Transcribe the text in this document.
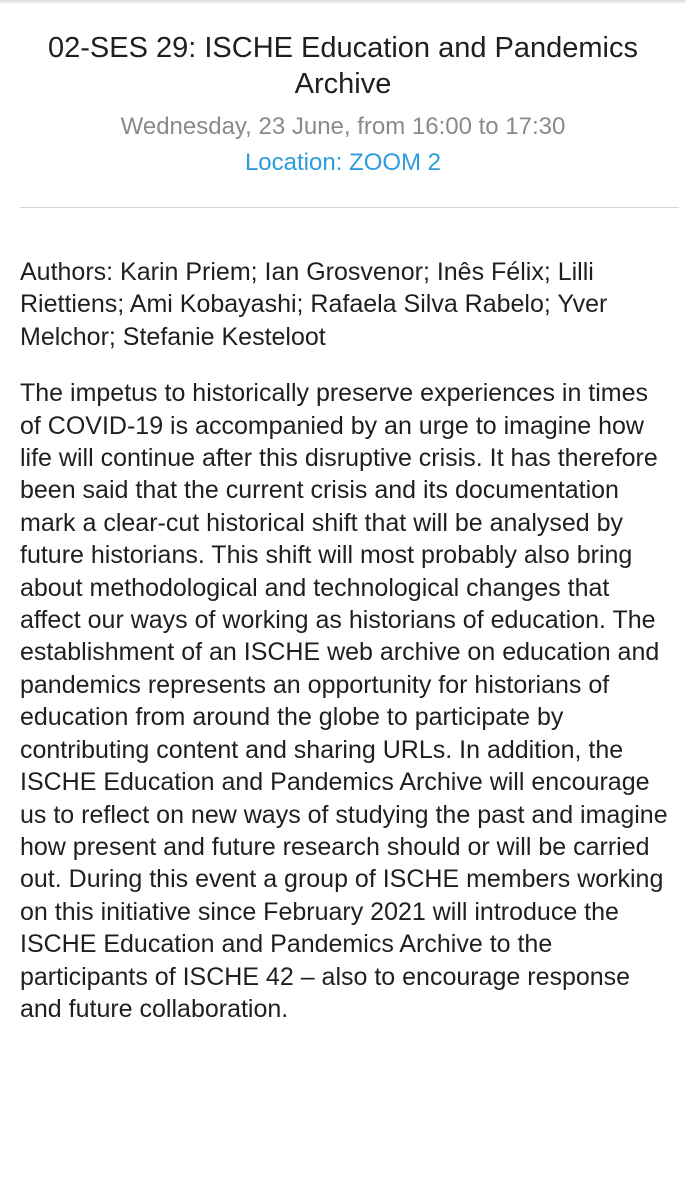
02-SES 29: ISCHE Education and Pandemics Archive
Wednesday, 23 June, from 16:00 to 17:30
Location: ZOOM 2

Authors: Karin Priem; Ian Grosvenor; Inês Félix; Lilli Riettiens; Ami Kobayashi; Rafaela Silva Rabelo; Yver Melchor; Stefanie Kesteloot

The impetus to historically preserve experiences in times of COVID-19 is accompanied by an urge to imagine how life will continue after this disruptive crisis. It has therefore been said that the current crisis and its documentation mark a clear-cut historical shift that will be analysed by future historians. This shift will most probably also bring about methodological and technological changes that affect our ways of working as historians of education. The establishment of an ISCHE web archive on education and pandemics represents an opportunity for historians of education from around the globe to participate by contributing content and sharing URLs. In addition, the ISCHE Education and Pandemics Archive will encourage us to reflect on new ways of studying the past and imagine how present and future research should or will be carried out. During this event a group of ISCHE members working on this initiative since February 2021 will introduce the ISCHE Education and Pandemics Archive to the participants of ISCHE 42 – also to encourage response and future collaboration.
